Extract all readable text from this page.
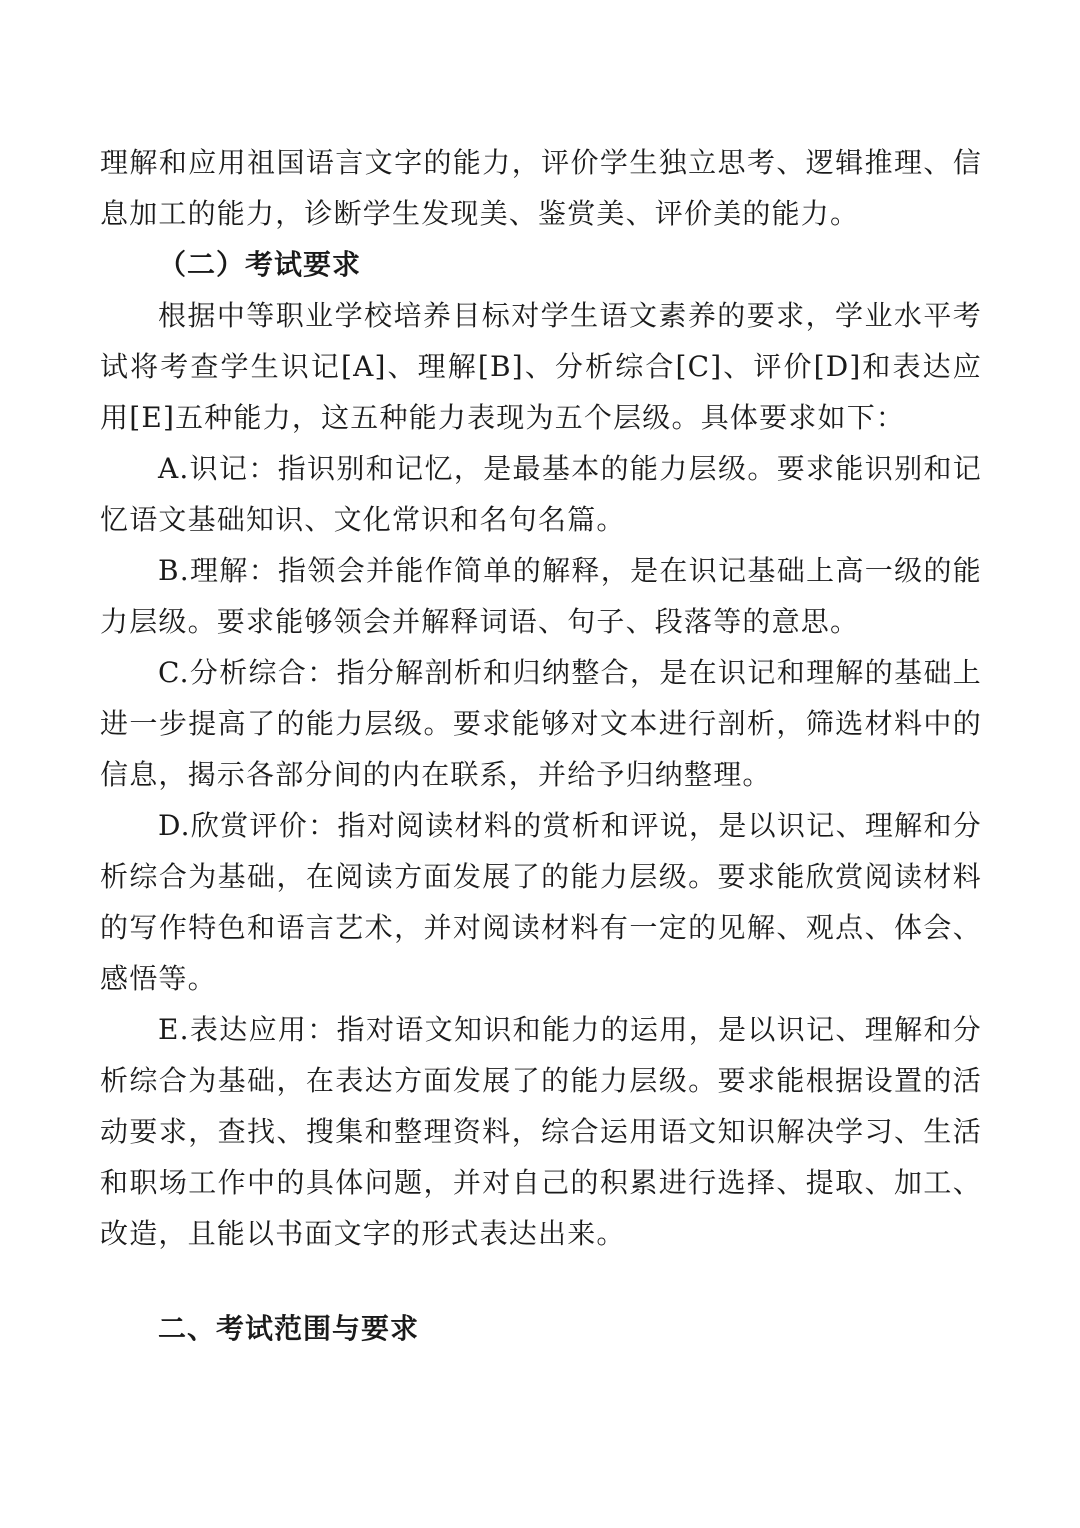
理解和应用祖国语言文字的能力，评价学生独立思考、逻辑推理、信息加工的能力，诊断学生发现美、鉴赏美、评价美的能力。

（二）考试要求

根据中等职业学校培养目标对学生语文素养的要求，学业水平考试将考查学生识记[A]、理解[B]、分析综合[C]、评价[D]和表达应用[E]五种能力，这五种能力表现为五个层级。具体要求如下：

A.识记：指识别和记忆，是最基本的能力层级。要求能识别和记忆语文基础知识、文化常识和名句名篇。

B.理解：指领会并能作简单的解释，是在识记基础上高一级的能力层级。要求能够领会并解释词语、句子、段落等的意思。

C.分析综合：指分解剖析和归纳整合，是在识记和理解的基础上进一步提高了的能力层级。要求能够对文本进行剖析，筛选材料中的信息，揭示各部分间的内在联系，并给予归纳整理。

D.欣赏评价：指对阅读材料的赏析和评说，是以识记、理解和分析综合为基础，在阅读方面发展了的能力层级。要求能欣赏阅读材料的写作特色和语言艺术，并对阅读材料有一定的见解、观点、体会、感悟等。

E.表达应用：指对语文知识和能力的运用，是以识记、理解和分析综合为基础，在表达方面发展了的能力层级。要求能根据设置的活动要求，查找、搜集和整理资料，综合运用语文知识解决学习、生活和职场工作中的具体问题，并对自己的积累进行选择、提取、加工、改造，且能以书面文字的形式表达出来。

二、考试范围与要求
